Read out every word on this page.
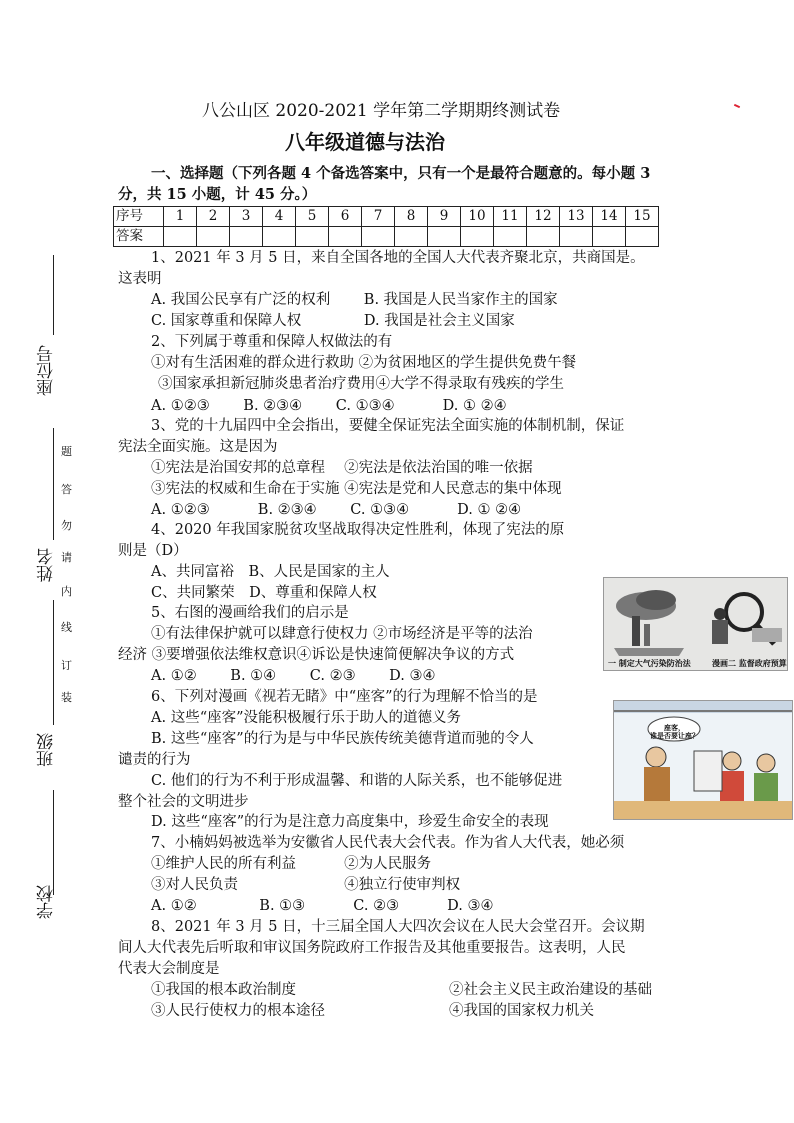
八公山区 2020-2021 学年第二学期期终测试卷
八年级道德与法治
一、选择题（下列各题 4 个备选答案中，只有一个是最符合题意的。每小题 3
分，共 15 小题，计 45 分。）
序号	1	2	3	4	5	6	7	8	9	10	11	12	13	14	15
答案															
座位号
姓名
班级
学校
题
答
勿
请
内
线
订
装
1、2021 年 3 月 5 日，来自全国各地的全国人大代表齐聚北京，共商国是。
这表明
A. 我国公民享有广泛的权利　　 B. 我国是人民当家作主的国家
C. 国家尊重和保障人权　　　　 D. 我国是社会主义国家
2、下列属于尊重和保障人权做法的有
①对有生活困难的群众进行救助 ②为贫困地区的学生提供免费午餐
③国家承担新冠肺炎患者治疗费用④大学不得录取有残疾的学生
A. ①②③　　 B. ②③④　　 C. ①③④　　　 D. ① ②④
3、党的十九届四中全会指出，要健全保证宪法全面实施的体制机制，保证
宪法全面实施。这是因为
①宪法是治国安邦的总章程　 ②宪法是依法治国的唯一依据
③宪法的权威和生命在于实施 ④宪法是党和人民意志的集中体现
A. ①②③　　　 B. ②③④　　 C. ①③④　　　 D. ① ②④
4、2020 年我国家脱贫攻坚战取得决定性胜利，体现了宪法的原
则是（D）
A、共同富裕　B、人民是国家的主人
C、共同繁荣　D、尊重和保障人权
5、右图的漫画给我们的启示是
①有法律保护就可以肆意行使权力 ②市场经济是平等的法治
经济 ③要增强依法维权意识④诉讼是快速简便解决争议的方式
A. ①②　　 B. ①④　　 C. ②③　　 D. ③④
6、下列对漫画《视若无睹》中“座客”的行为理解不恰当的是
A. 这些“座客”没能积极履行乐于助人的道德义务
B. 这些“座客”的行为是与中华民族传统美德背道而驰的令人
谴责的行为
C. 他们的行为不利于形成温馨、和谐的人际关系，也不能够促进
整个社会的文明进步
D. 这些“座客”的行为是注意力高度集中，珍爱生命安全的表现
7、小楠妈妈被选举为安徽省人民代表大会代表。作为省人大代表，她必须
①维护人民的所有利益　　　 ②为人民服务
③对人民负责　　　　　　　 ④独立行使审判权
A. ①②　　　　 B. ①③　　　 C. ②③　　　 D. ③④
8、2021 年 3 月 5 日，十三届全国人大四次会议在人民大会堂召开。会议期
间人大代表先后听取和审议国务院政府工作报告及其他重要报告。这表明，人民
代表大会制度是
①我国的根本政治制度	②社会主义民主政治建设的基础
③人民行使权力的根本途径	④我国的国家权力机关
一 制定大气污染防治法	漫画二 监督政府预算
座客，
谁是否要让座？
